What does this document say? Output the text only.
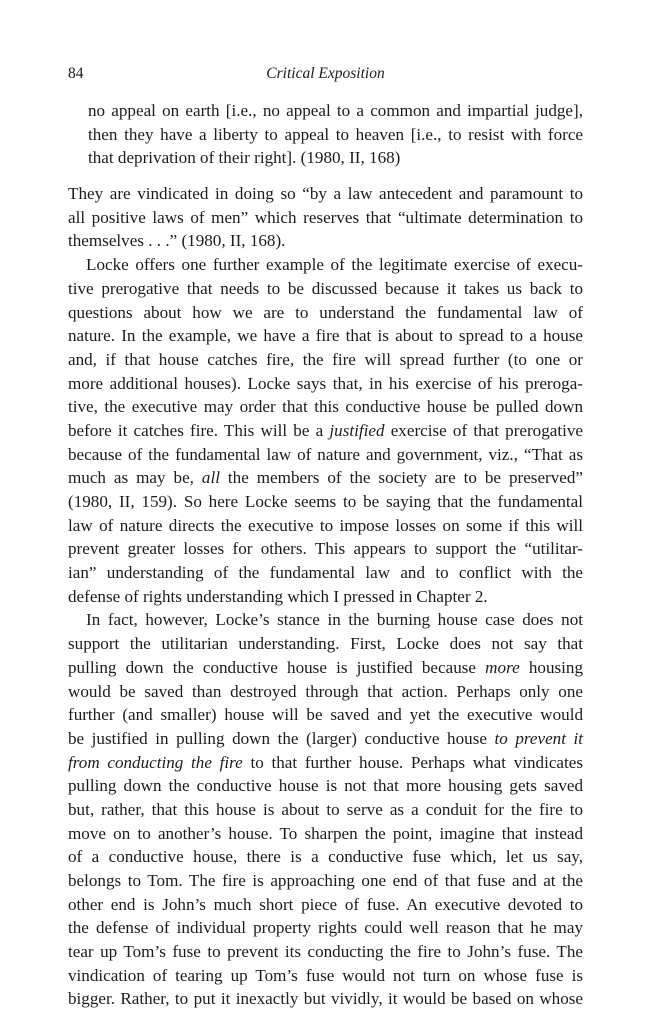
84	Critical Exposition
no appeal on earth [i.e., no appeal to a common and impartial judge],
then they have a liberty to appeal to heaven [i.e., to resist with force
that deprivation of their right]. (1980, II, 168)
They are vindicated in doing so “by a law antecedent and paramount to
all positive laws of men” which reserves that “ultimate determination to
themselves . . .” (1980, II, 168).
Locke offers one further example of the legitimate exercise of execu-
tive prerogative that needs to be discussed because it takes us back to
questions about how we are to understand the fundamental law of
nature. In the example, we have a fire that is about to spread to a house
and, if that house catches fire, the fire will spread further (to one or
more additional houses). Locke says that, in his exercise of his preroga-
tive, the executive may order that this conductive house be pulled down
before it catches fire. This will be a justified exercise of that prerogative
because of the fundamental law of nature and government, viz., “That as
much as may be, all the members of the society are to be preserved”
(1980, II, 159). So here Locke seems to be saying that the fundamental
law of nature directs the executive to impose losses on some if this will
prevent greater losses for others. This appears to support the “utilitar-
ian” understanding of the fundamental law and to conflict with the
defense of rights understanding which I pressed in Chapter 2.
In fact, however, Locke’s stance in the burning house case does not
support the utilitarian understanding. First, Locke does not say that
pulling down the conductive house is justified because more housing
would be saved than destroyed through that action. Perhaps only one
further (and smaller) house will be saved and yet the executive would
be justified in pulling down the (larger) conductive house to prevent it
from conducting the fire to that further house. Perhaps what vindicates
pulling down the conductive house is not that more housing gets saved
but, rather, that this house is about to serve as a conduit for the fire to
move on to another’s house. To sharpen the point, imagine that instead
of a conductive house, there is a conductive fuse which, let us say,
belongs to Tom. The fire is approaching one end of that fuse and at the
other end is John’s much short piece of fuse. An executive devoted to
the defense of individual property rights could well reason that he may
tear up Tom’s fuse to prevent its conducting the fire to John’s fuse. The
vindication of tearing up Tom’s fuse would not turn on whose fuse is
bigger. Rather, to put it inexactly but vividly, it would be based on whose
